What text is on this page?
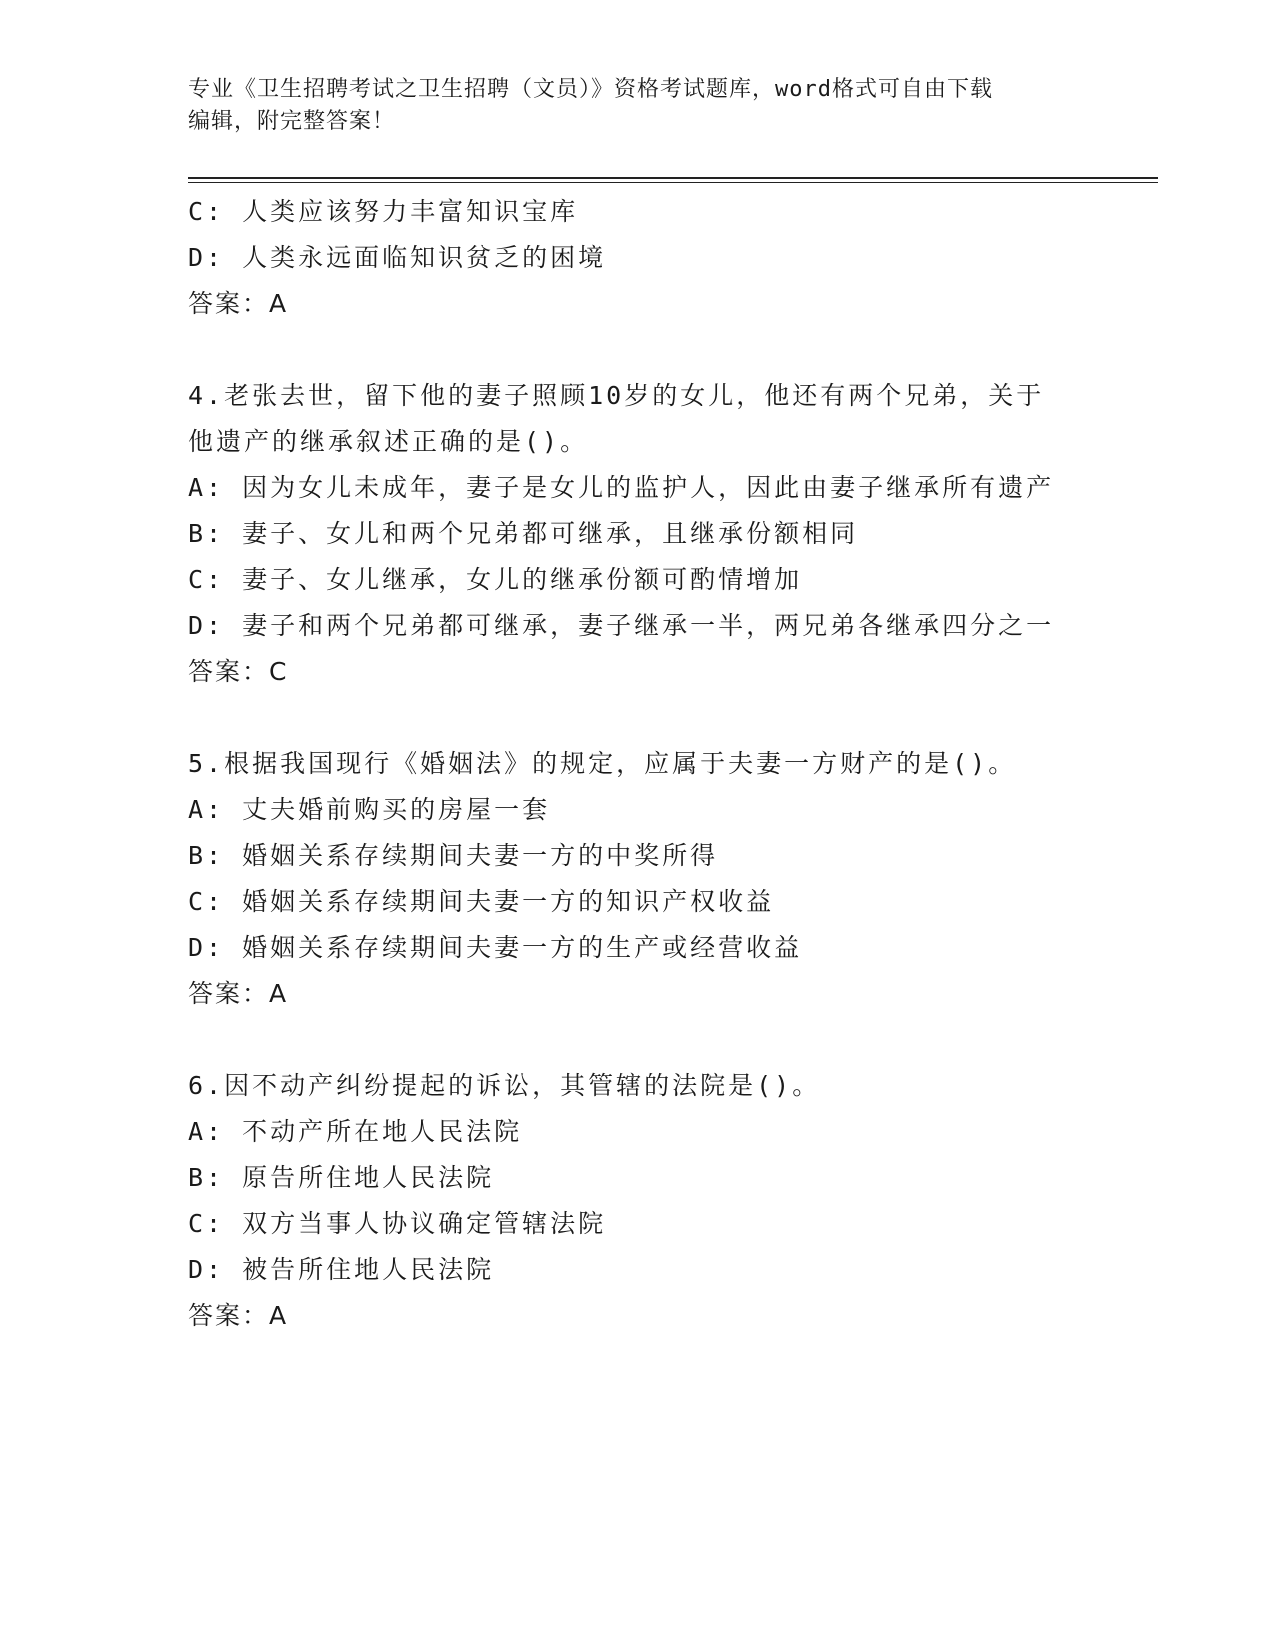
专业《卫生招聘考试之卫生招聘（文员）》资格考试题库，word格式可自由下载
编辑，附完整答案！
C: 人类应该努力丰富知识宝库
D: 人类永远面临知识贫乏的困境
答案：A
4.老张去世，留下他的妻子照顾10岁的女儿，他还有两个兄弟，关于
他遗产的继承叙述正确的是()。
A: 因为女儿未成年，妻子是女儿的监护人，因此由妻子继承所有遗产
B: 妻子、女儿和两个兄弟都可继承，且继承份额相同
C: 妻子、女儿继承，女儿的继承份额可酌情增加
D: 妻子和两个兄弟都可继承，妻子继承一半，两兄弟各继承四分之一
答案：C
5.根据我国现行《婚姻法》的规定，应属于夫妻一方财产的是()。
A: 丈夫婚前购买的房屋一套
B: 婚姻关系存续期间夫妻一方的中奖所得
C: 婚姻关系存续期间夫妻一方的知识产权收益
D: 婚姻关系存续期间夫妻一方的生产或经营收益
答案：A
6.因不动产纠纷提起的诉讼，其管辖的法院是()。
A: 不动产所在地人民法院
B: 原告所住地人民法院
C: 双方当事人协议确定管辖法院
D: 被告所住地人民法院
答案：A
